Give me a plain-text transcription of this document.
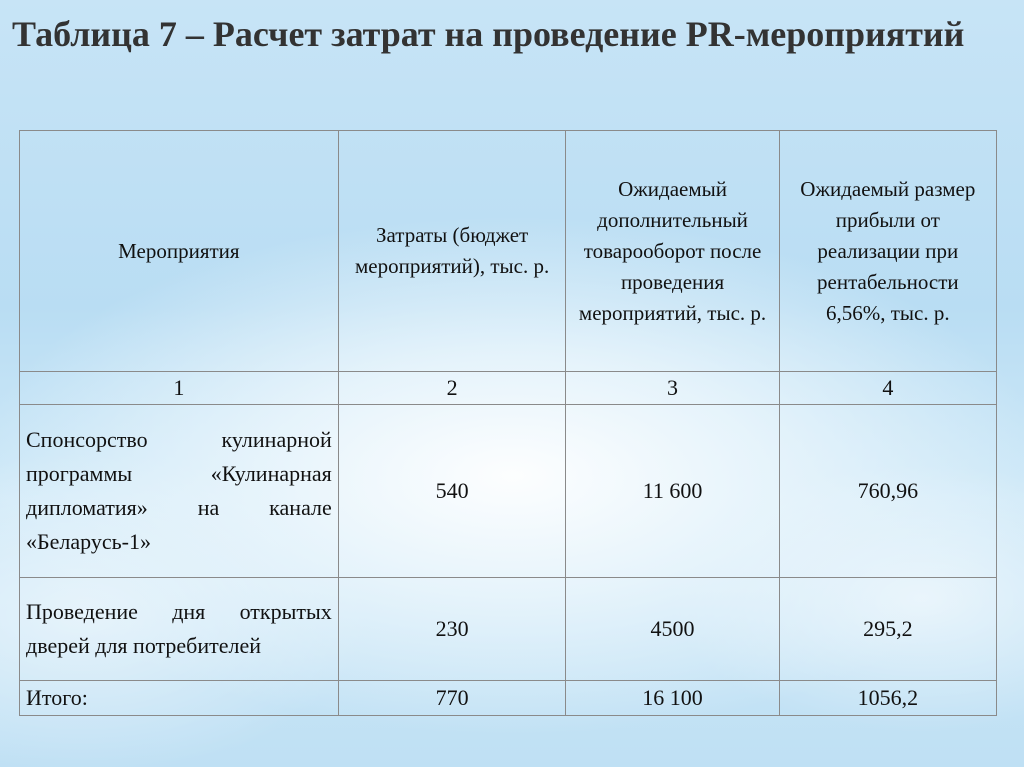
Таблица 7 – Расчет затрат на проведение PR-мероприятий
Мероприятия	Затраты (бюджет мероприятий), тыс. р.	Ожидаемый дополнительный товарооборот после проведения мероприятий, тыс. р.	Ожидаемый размер прибыли от реализации при рентабельности 6,56%, тыс. р.
1	2	3	4
Спонсорство кулинарной программы «Кулинарная дипломатия» на канале «Беларусь-1»	540	11 600	760,96
Проведение дня открытых дверей для потребителей	230	4500	295,2
Итого:	770	16 100	1056,2
